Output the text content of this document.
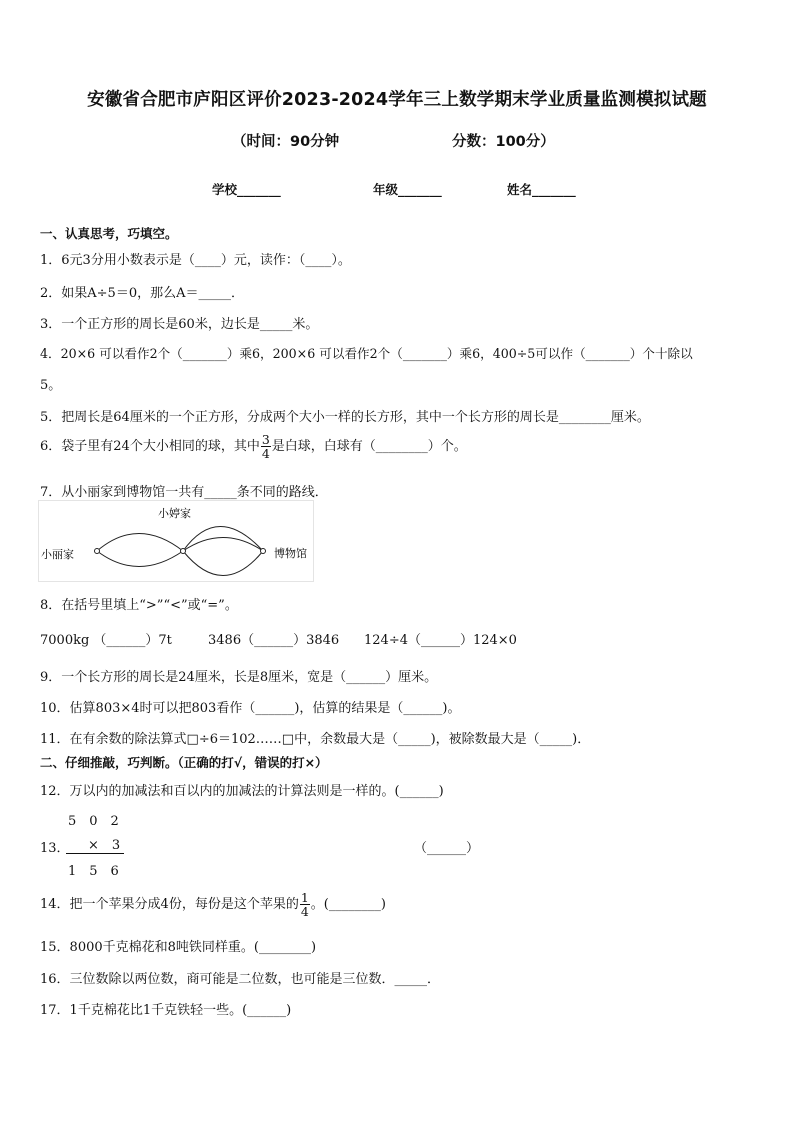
安徽省合肥市庐阳区评价2023-2024学年三上数学期末学业质量监测模拟试题
（时间：90分钟	分数：100分）
学校_______	年级_______	姓名_______
一、认真思考，巧填空。
1．6元3分用小数表示是（____）元，读作：（____）。
2．如果A÷5＝0，那么A＝_____．
3．一个正方形的周长是60米，边长是_____米。
4．20×6 可以看作2个（_______）乘6，200×6 可以看作2个（_______）乘6，400÷5可以作（_______）个十除以
5。
5．把周长是64厘米的一个正方形，分成两个大小一样的长方形，其中一个长方形的周长是________厘米。
6．袋子里有24个大小相同的球，其中 $\frac{3}{4}$ 是白球，白球有（________）个。
7．从小丽家到博物馆一共有_____条不同的路线．
小婷家
小丽家	博物馆
8．在括号里填上“>”“<”或“=”。
7000kg （______）7t	3486（______）3846 124÷4（______）124×0
9．一个长方形的周长是24厘米，长是8厘米，宽是（______）厘米。
10．估算803×4时可以把803看作（______)，估算的结果是（______)。
11．在有余数的除法算式□÷6＝102……□中，余数最大是（_____)，被除数最大是（_____)．
二、仔细推敲，巧判断。（正确的打√，错误的打×）
12．万以内的加减法和百以内的加减法的计算法则是一样的。(______)
13．
5　0　2
×　3
1　5　6
（______）
14．把一个苹果分成4份，每份是这个苹果的 $\frac{1}{4}$ 。(________)
15．8000千克棉花和8吨铁同样重。(________)
16．三位数除以两位数，商可能是二位数，也可能是三位数．_____．
17．1千克棉花比1千克铁轻一些。(______)
